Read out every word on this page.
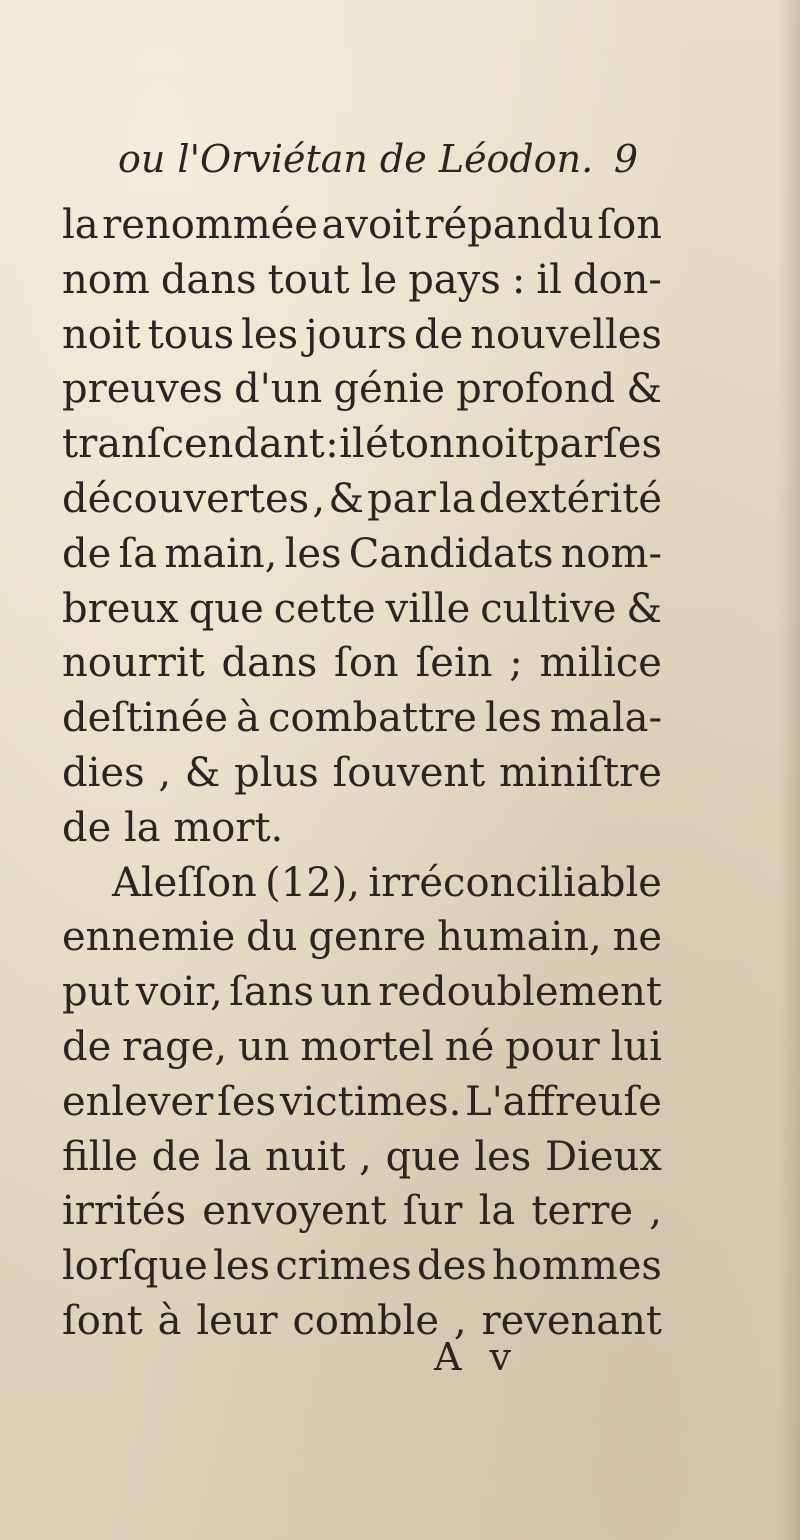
ou l'Orviétan de Léodon. 9
la renommée avoit répandu ſon
nom dans tout le pays : il don-
noit tous les jours de nouvelles
preuves d'un génie profond &
tranſcendant : il étonnoit par ſes
découvertes , & par la dextérité
de ſa main, les Candidats nom-
breux que cette ville cultive &
nourrit dans ſon ſein ; milice
deſtinée à combattre les mala-
dies , & plus ſouvent miniſtre
de la mort.
Aleſſon (12), irréconciliable
ennemie du genre humain, ne
put voir, ſans un redoublement
de rage, un mortel né pour lui
enlever ſes victimes. L'affreuſe
fille de la nuit , que les Dieux
irrités envoyent ſur la terre ,
lorſque les crimes des hommes
ſont à leur comble , revenant
A v
